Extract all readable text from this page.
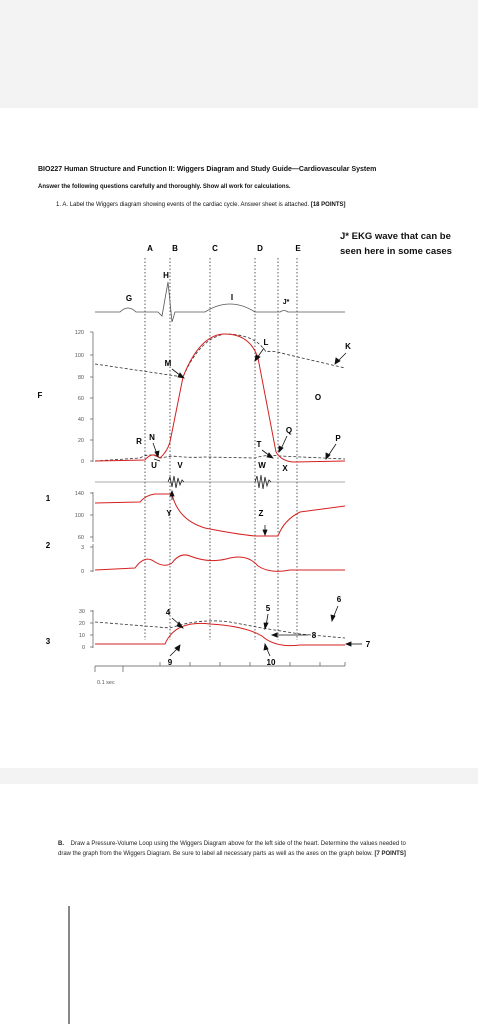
BIO227 Human Structure and Function II: Wiggers Diagram and Study Guide—Cardiovascular System
Answer the following questions carefully and thoroughly. Show all work for calculations.
1. A. Label the Wiggers diagram showing events of the cardiac cycle. Answer sheet is attached. [18 POINTS]
J* EKG wave that can be seen here in some cases
A B	C	D	E
H
G	I
J*
120
100
80
60
40
20
0
140
100
60
3
0
30
20
10
0
0.1 sec
F
1
2
3
M
L	K
O
Q
P
R N
T
U	V	W X
Y	Z
4	5
6
7
8
9	10
B. Draw a Pressure-Volume Loop using the Wiggers Diagram above for the left side of the heart. Determine the values needed to draw the graph from the Wiggers Diagram. Be sure to label all necessary parts as well as the axes on the graph below. [7 POINTS]
